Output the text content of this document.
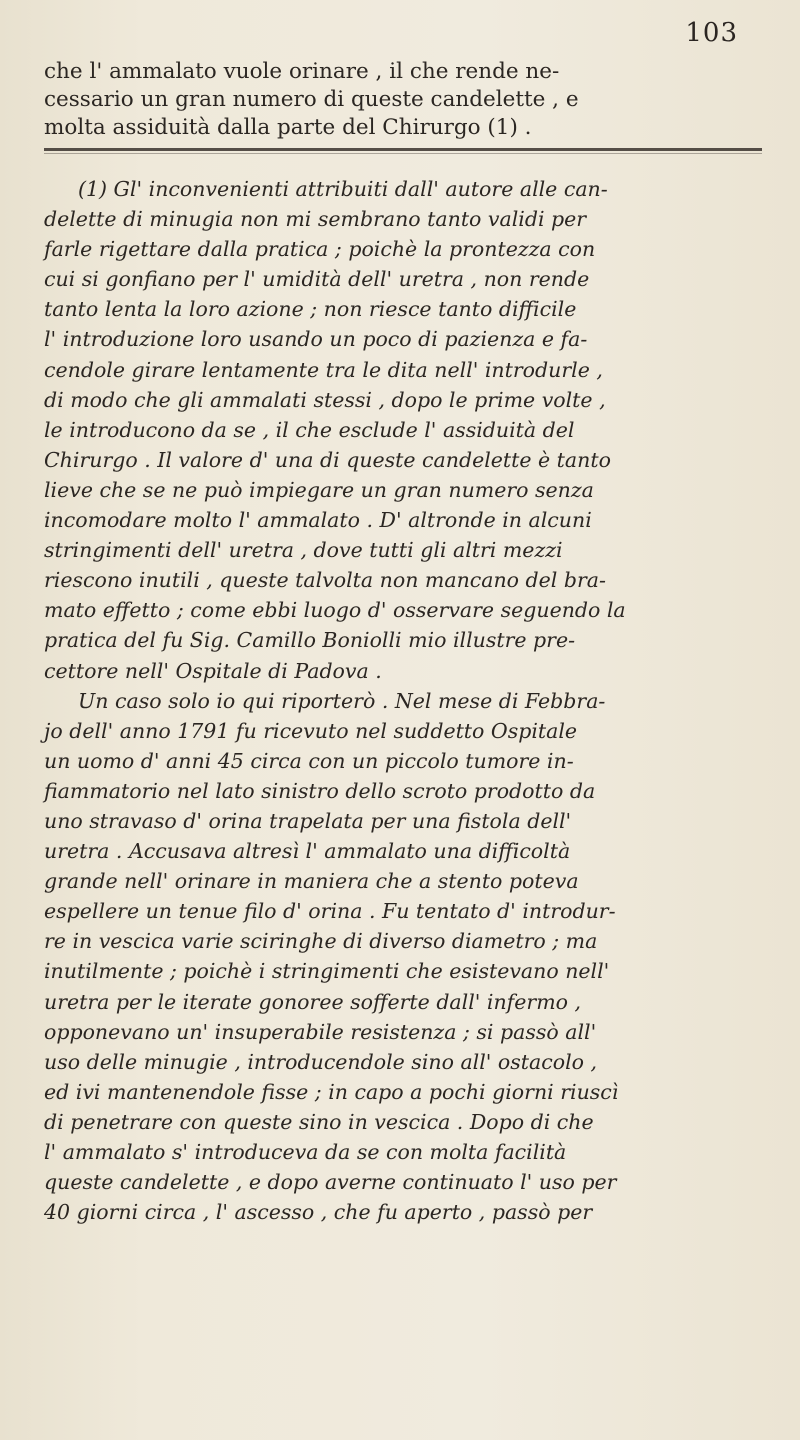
103
che l' ammalato vuole orinare , il che rende ne-
cessario un gran numero di queste candelette , e
molta assiduità dalla parte del Chirurgo (1) .
(1) Gl' inconvenienti attribuiti dall' autore alle can-
delette di minugia non mi sembrano tanto validi per
farle rigettare dalla pratica ; poichè la prontezza con
cui si gonfiano per l' umidità dell' uretra , non rende
tanto lenta la loro azione ; non riesce tanto difficile
l' introduzione loro usando un poco di pazienza e fa-
cendole girare lentamente tra le dita nell' introdurle ,
di modo che gli ammalati stessi , dopo le prime volte ,
le introducono da se , il che esclude l' assiduità del
Chirurgo . Il valore d' una di queste candelette è tanto
lieve che se ne può impiegare un gran numero senza
incomodare molto l' ammalato . D' altronde in alcuni
stringimenti dell' uretra , dove tutti gli altri mezzi
riescono inutili , queste talvolta non mancano del bra-
mato effetto ; come ebbi luogo d' osservare seguendo la
pratica del fu Sig. Camillo Boniolli mio illustre pre-
cettore nell' Ospitale di Padova .
Un caso solo io qui riporterò . Nel mese di Febbra-
jo dell' anno 1791 fu ricevuto nel suddetto Ospitale
un uomo d' anni 45 circa con un piccolo tumore in-
fiammatorio nel lato sinistro dello scroto prodotto da
uno stravaso d' orina trapelata per una fistola dell'
uretra . Accusava altresì l' ammalato una difficoltà
grande nell' orinare in maniera che a stento poteva
espellere un tenue filo d' orina . Fu tentato d' introdur-
re in vescica varie sciringhe di diverso diametro ; ma
inutilmente ; poichè i stringimenti che esistevano nell'
uretra per le iterate gonoree sofferte dall' infermo ,
opponevano un' insuperabile resistenza ; si passò all'
uso delle minugie , introducendole sino all' ostacolo ,
ed ivi mantenendole fisse ; in capo a pochi giorni riuscì
di penetrare con queste sino in vescica . Dopo di che
l' ammalato s' introduceva da se con molta facilità
queste candelette , e dopo averne continuato l' uso per
40 giorni circa , l' ascesso , che fu aperto , passò per
